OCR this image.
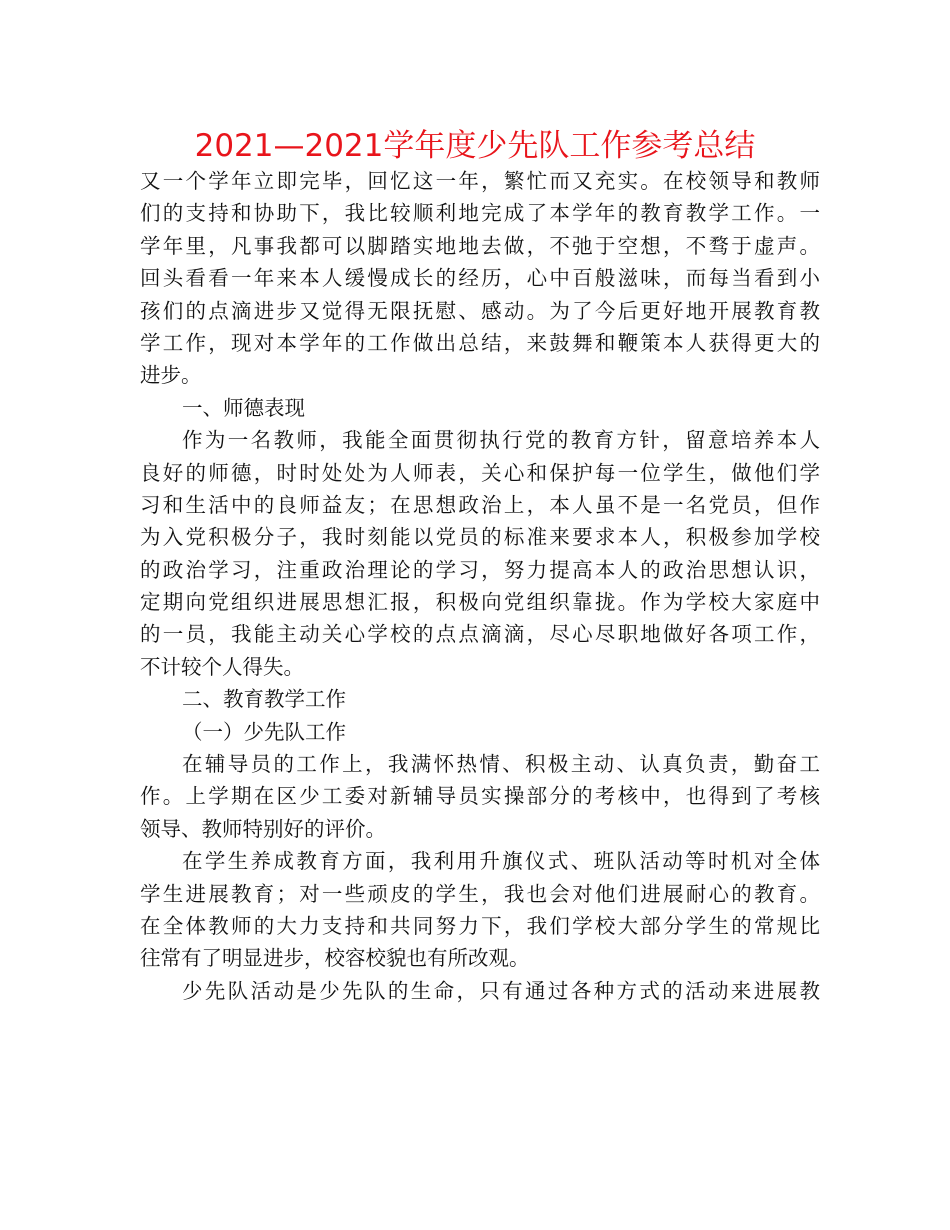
2021—2021学年度少先队工作参考总结
又一个学年立即完毕，回忆这一年，繁忙而又充实。在校领导和教师
们的支持和协助下，我比较顺利地完成了本学年的教育教学工作。一
学年里，凡事我都可以脚踏实地地去做，不弛于空想，不骛于虚声。
回头看看一年来本人缓慢成长的经历，心中百般滋味，而每当看到小
孩们的点滴进步又觉得无限抚慰、感动。为了今后更好地开展教育教
学工作，现对本学年的工作做出总结，来鼓舞和鞭策本人获得更大的
进步。
一、师德表现
作为一名教师，我能全面贯彻执行党的教育方针，留意培养本人
良好的师德，时时处处为人师表，关心和保护每一位学生，做他们学
习和生活中的良师益友；在思想政治上，本人虽不是一名党员，但作
为入党积极分子，我时刻能以党员的标准来要求本人，积极参加学校
的政治学习，注重政治理论的学习，努力提高本人的政治思想认识，
定期向党组织进展思想汇报，积极向党组织靠拢。作为学校大家庭中
的一员，我能主动关心学校的点点滴滴，尽心尽职地做好各项工作，
不计较个人得失。
二、教育教学工作
（一）少先队工作
在辅导员的工作上，我满怀热情、积极主动、认真负责，勤奋工
作。上学期在区少工委对新辅导员实操部分的考核中，也得到了考核
领导、教师特别好的评价。
在学生养成教育方面，我利用升旗仪式、班队活动等时机对全体
学生进展教育；对一些顽皮的学生，我也会对他们进展耐心的教育。
在全体教师的大力支持和共同努力下，我们学校大部分学生的常规比
往常有了明显进步，校容校貌也有所改观。
少先队活动是少先队的生命，只有通过各种方式的活动来进展教
